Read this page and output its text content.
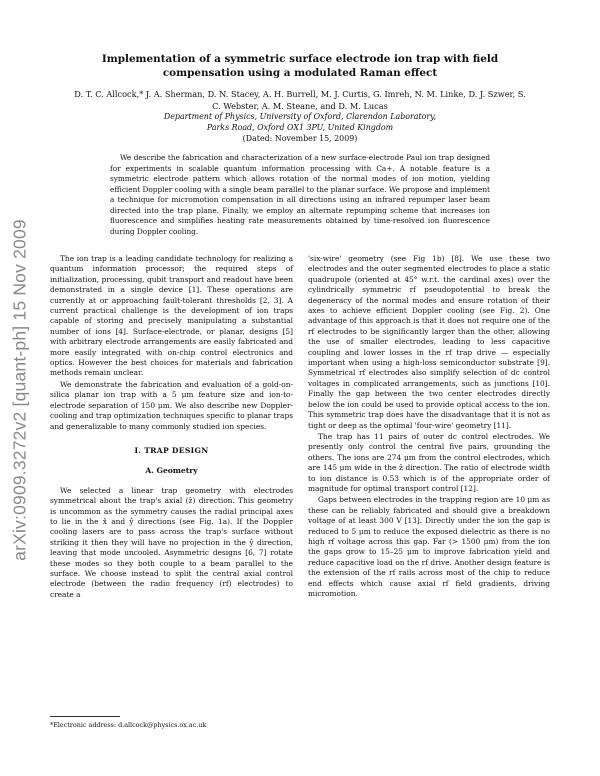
arXiv:0909.3272v2 [quant-ph] 15 Nov 2009
Implementation of a symmetric surface electrode ion trap with field compensation using a modulated Raman effect
D. T. C. Allcock,* J. A. Sherman, D. N. Stacey, A. H. Burrell, M. J. Curtis, G. Imreh, N. M. Linke, D. J. Szwer, S. C. Webster, A. M. Steane, and D. M. Lucas
Department of Physics, University of Oxford, Clarendon Laboratory,
Parks Road, Oxford OX1 3PU, United Kingdom
(Dated: November 15, 2009)
We describe the fabrication and characterization of a new surface-electrode Paul ion trap designed for experiments in scalable quantum information processing with Ca+. A notable feature is a symmetric electrode pattern which allows rotation of the normal modes of ion motion, yielding efficient Doppler cooling with a single beam parallel to the planar surface. We propose and implement a technique for micromotion compensation in all directions using an infrared repumper laser beam directed into the trap plane. Finally, we employ an alternate repumping scheme that increases ion fluorescence and simplifies heating rate measurements obtained by time-resolved ion fluorescence during Doppler cooling.

The ion trap is a leading candidate technology for realizing a quantum information processor; the required steps of initialization, processing, qubit transport and readout have been demonstrated in a single device [1]. These operations are currently at or approaching fault-tolerant thresholds [2, 3]. A current practical challenge is the development of ion traps capable of storing and precisely manipulating a substantial number of ions [4]. Surface-electrode, or planar, designs [5] with arbitrary electrode arrangements are easily fabricated and more easily integrated with on-chip control electronics and optics. However the best choices for materials and fabrication methods remain unclear.

We demonstrate the fabrication and evaluation of a gold-on-silica planar ion trap with a 5 μm feature size and ion-to-electrode separation of 150 μm. We also describe new Doppler-cooling and trap optimization techniques specific to planar traps and generalizable to many commonly studied ion species.

I. TRAP DESIGN
A. Geometry

We selected a linear trap geometry with electrodes symmetrical about the trap's axial (ẑ) direction. This geometry is uncommon as the symmetry causes the radial principal axes to lie in the x̂ and ŷ directions (see Fig. 1a). If the Doppler cooling lasers are to pass across the trap's surface without striking it then they will have no projection in the ŷ direction, leaving that mode uncooled. Asymmetric designs [6, 7] rotate these modes so they both couple to a beam parallel to the surface. We choose instead to split the central axial control electrode (between the radio frequency (rf) electrodes) to create a

'six-wire' geometry (see Fig 1b) [8]. We use these two electrodes and the outer segmented electrodes to place a static quadrupole (oriented at 45° w.r.t. the cardinal axes) over the cylindrically symmetric rf pseudopotential to break the degeneracy of the normal modes and ensure rotation of their axes to achieve efficient Doppler cooling (see Fig. 2). One advantage of this approach is that it does not require one of the rf electrodes to be significantly larger than the other, allowing the use of smaller electrodes, leading to less capacitive coupling and lower losses in the rf trap drive — especially important when using a high-loss semiconductor substrate [9]. Symmetrical rf electrodes also simplify selection of dc control voltages in complicated arrangements, such as junctions [10]. Finally the gap between the two center electrodes directly below the ion could be used to provide optical access to the ion. This symmetric trap does have the disadvantage that it is not as tight or deep as the optimal 'four-wire' geometry [11].

The trap has 11 pairs of outer dc control electrodes. We presently only control the central five pairs, grounding the others. The ions are 274 μm from the control electrodes, which are 145 μm wide in the ẑ direction. The ratio of electrode width to ion distance is 0.53 which is of the appropriate order of magnitude for optimal transport control [12].

Gaps between electrodes in the trapping region are 10 μm as these can be reliably fabricated and should give a breakdown voltage of at least 300 V [13]. Directly under the ion the gap is reduced to 5 μm to reduce the exposed dielectric as there is no high rf voltage across this gap. Far (> 1500 μm) from the ion the gaps grow to 15–25 μm to improve fabrication yield and reduce capacitive load on the rf drive. Another design feature is the extension of the rf rails across most of the chip to reduce end effects which cause axial rf field gradients, driving micromotion.

*Electronic address: d.allcock@physics.ox.ac.uk
